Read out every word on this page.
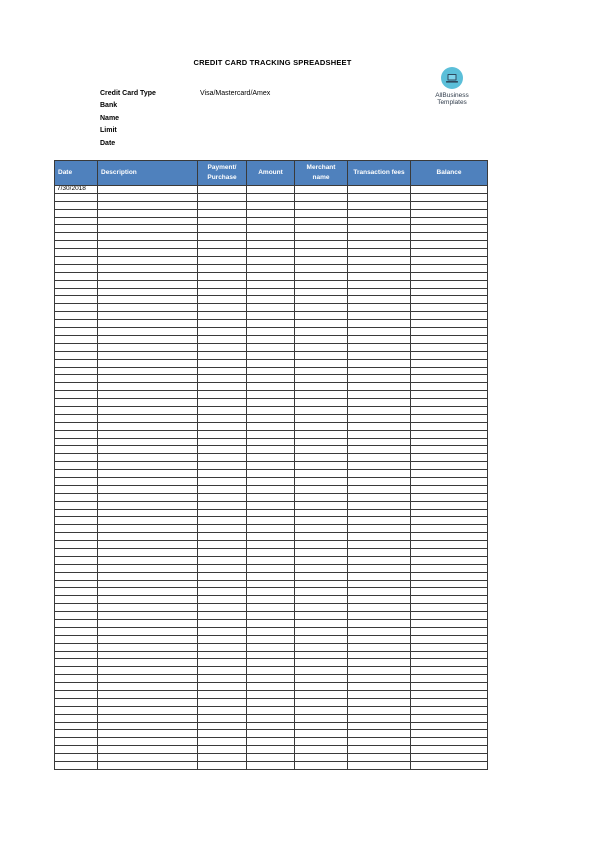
CREDIT CARD TRACKING SPREADSHEET
Credit Card Type	Visa/Mastercard/Amex
Bank
Name
Limit
Date
AllBusiness
Templates
Date	Description	Payment/ Purchase	Amount	Merchant name	Transaction fees	Balance
7/30/2018						
